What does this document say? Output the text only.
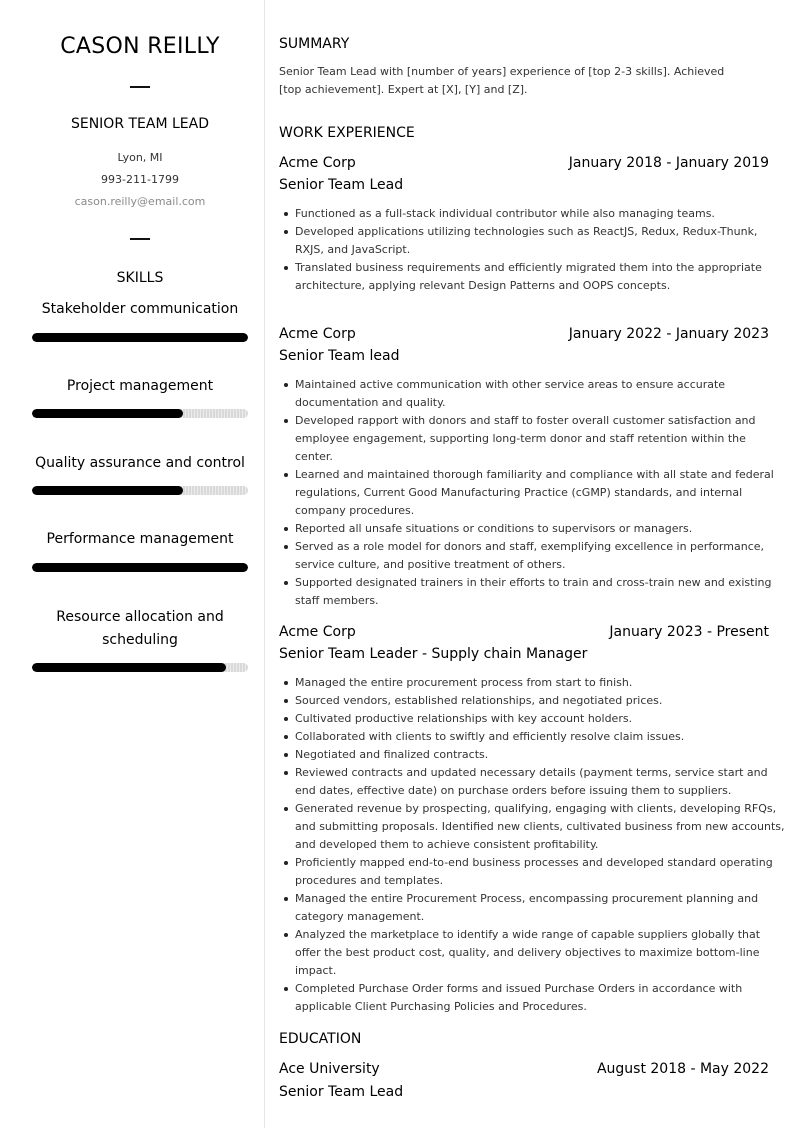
CASON REILLY
SENIOR TEAM LEAD
Lyon, MI
993-211-1799
cason.reilly@email.com
SKILLS
Stakeholder communication
Project management
Quality assurance and control
Performance management
Resource allocation and scheduling
SUMMARY
Senior Team Lead with [number of years] experience of [top 2-3 skills]. Achieved [top achievement]. Expert at [X], [Y] and [Z].
WORK EXPERIENCE
Acme Corp	January 2018 - January 2019
Senior Team Lead
Functioned as a full-stack individual contributor while also managing teams.
Developed applications utilizing technologies such as ReactJS, Redux, Redux-Thunk, RXJS, and JavaScript.
Translated business requirements and efficiently migrated them into the appropriate architecture, applying relevant Design Patterns and OOPS concepts.
Acme Corp	January 2022 - January 2023
Senior Team lead
Maintained active communication with other service areas to ensure accurate documentation and quality.
Developed rapport with donors and staff to foster overall customer satisfaction and employee engagement, supporting long-term donor and staff retention within the center.
Learned and maintained thorough familiarity and compliance with all state and federal regulations, Current Good Manufacturing Practice (cGMP) standards, and internal company procedures.
Reported all unsafe situations or conditions to supervisors or managers.
Served as a role model for donors and staff, exemplifying excellence in performance, service culture, and positive treatment of others.
Supported designated trainers in their efforts to train and cross-train new and existing staff members.
Acme Corp	January 2023 - Present
Senior Team Leader - Supply chain Manager
Managed the entire procurement process from start to finish.
Sourced vendors, established relationships, and negotiated prices.
Cultivated productive relationships with key account holders.
Collaborated with clients to swiftly and efficiently resolve claim issues.
Negotiated and finalized contracts.
Reviewed contracts and updated necessary details (payment terms, service start and end dates, effective date) on purchase orders before issuing them to suppliers.
Generated revenue by prospecting, qualifying, engaging with clients, developing RFQs, and submitting proposals. Identified new clients, cultivated business from new accounts, and developed them to achieve consistent profitability.
Proficiently mapped end-to-end business processes and developed standard operating procedures and templates.
Managed the entire Procurement Process, encompassing procurement planning and category management.
Analyzed the marketplace to identify a wide range of capable suppliers globally that offer the best product cost, quality, and delivery objectives to maximize bottom-line impact.
Completed Purchase Order forms and issued Purchase Orders in accordance with applicable Client Purchasing Policies and Procedures.
EDUCATION
Ace University	August 2018 - May 2022
Senior Team Lead
